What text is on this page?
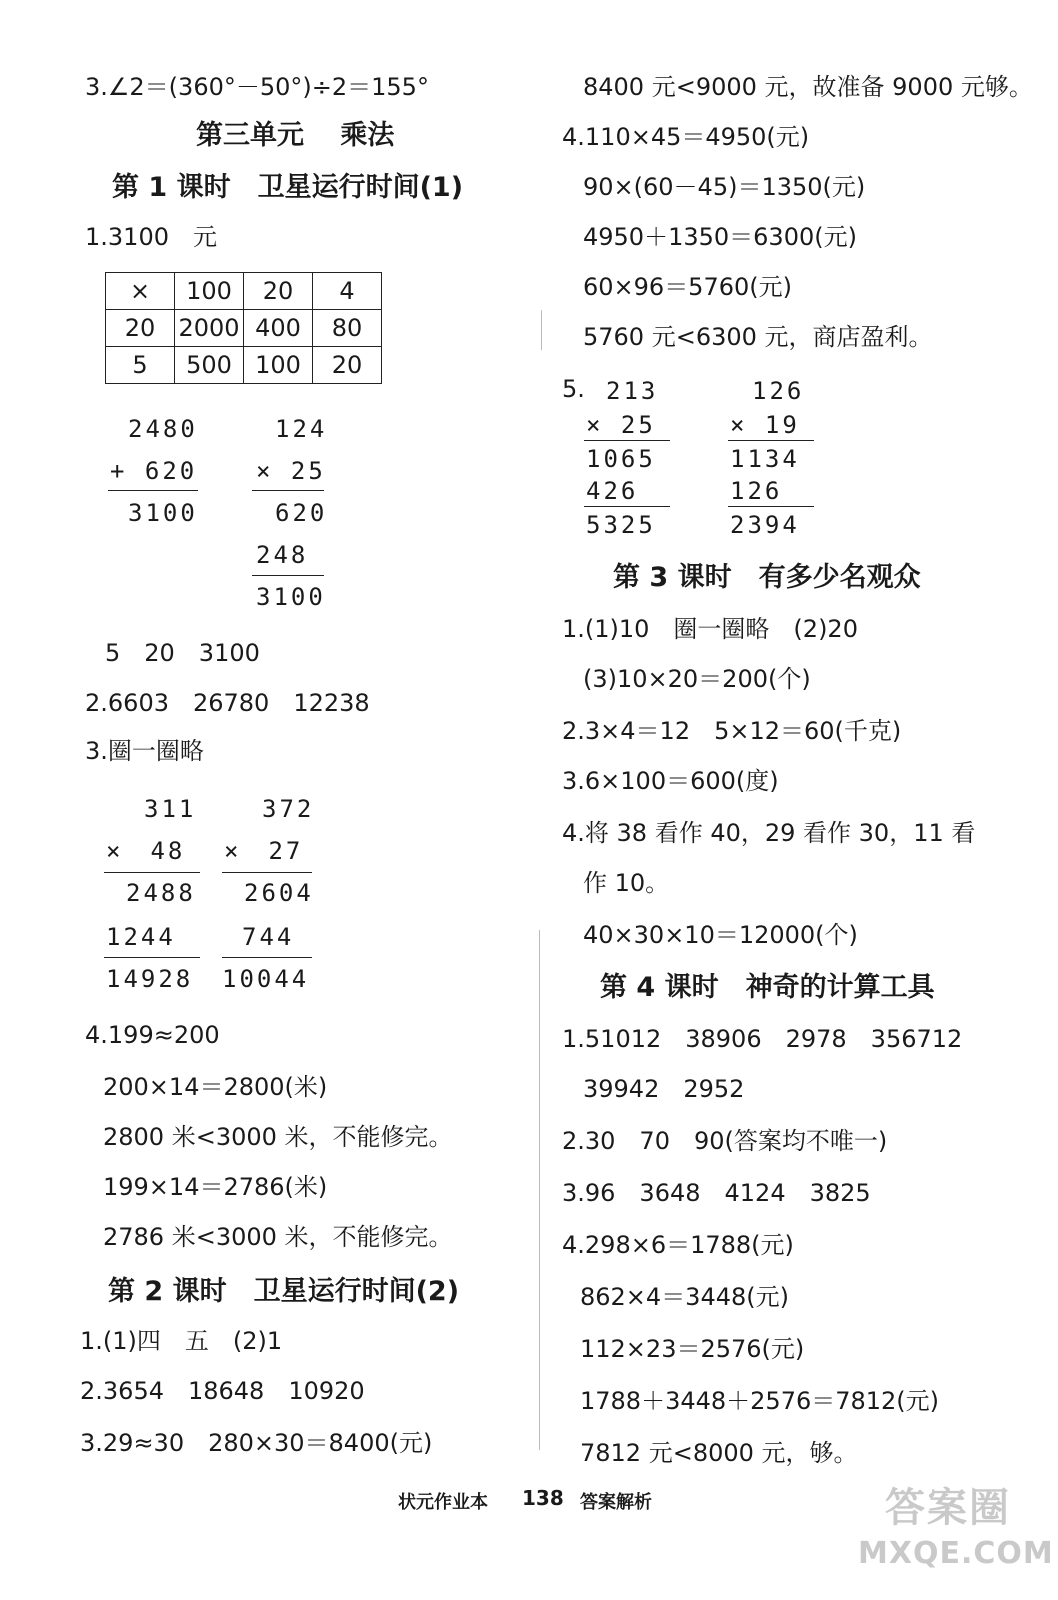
3.∠2＝(360°－50°)÷2＝155°
第三单元　 乘法
第 1 课时　卫星运行时间(1)
1.3100　元
×	100	20	4
20	2000	400	80
5	500	100	20
2480
+ 620
3100
124
× 25
620
248
3100
5　20　3100
2.6603　26780　12238
3.圈一圈略
311
×　48
2488
1244
14928
372
×　27
2604
744
10044
4.199≈200
200×14＝2800(米)
2800 米<3000 米，不能修完。
199×14＝2786(米)
2786 米<3000 米，不能修完。
第 2 课时　卫星运行时间(2)
1.(1)四　五　(2)1
2.3654　18648　10920
3.29≈30　280×30＝8400(元)
8400 元<9000 元，故准备 9000 元够。
4.110×45＝4950(元)
90×(60－45)＝1350(元)
4950＋1350＝6300(元)
60×96＝5760(元)
5760 元<6300 元，商店盈利。
5. 213
× 25
1065
426
5325
126
× 19
1134
126
2394
第 3 课时　有多少名观众
1.(1)10　圈一圈略　(2)20
(3)10×20＝200(个)
2.3×4＝12　5×12＝60(千克)
3.6×100＝600(度)
4.将 38 看作 40，29 看作 30，11 看
作 10。
40×30×10＝12000(个)
第 4 课时　神奇的计算工具
1.51012　38906　2978　356712
39942　2952
2.30　70　90(答案均不唯一)
3.96　3648　4124　3825
4.298×6＝1788(元)
862×4＝3448(元)
112×23＝2576(元)
1788＋3448＋2576＝7812(元)
7812 元<8000 元，够。
状元作业本 138 答案解析	答案圈
MXQE.COM
